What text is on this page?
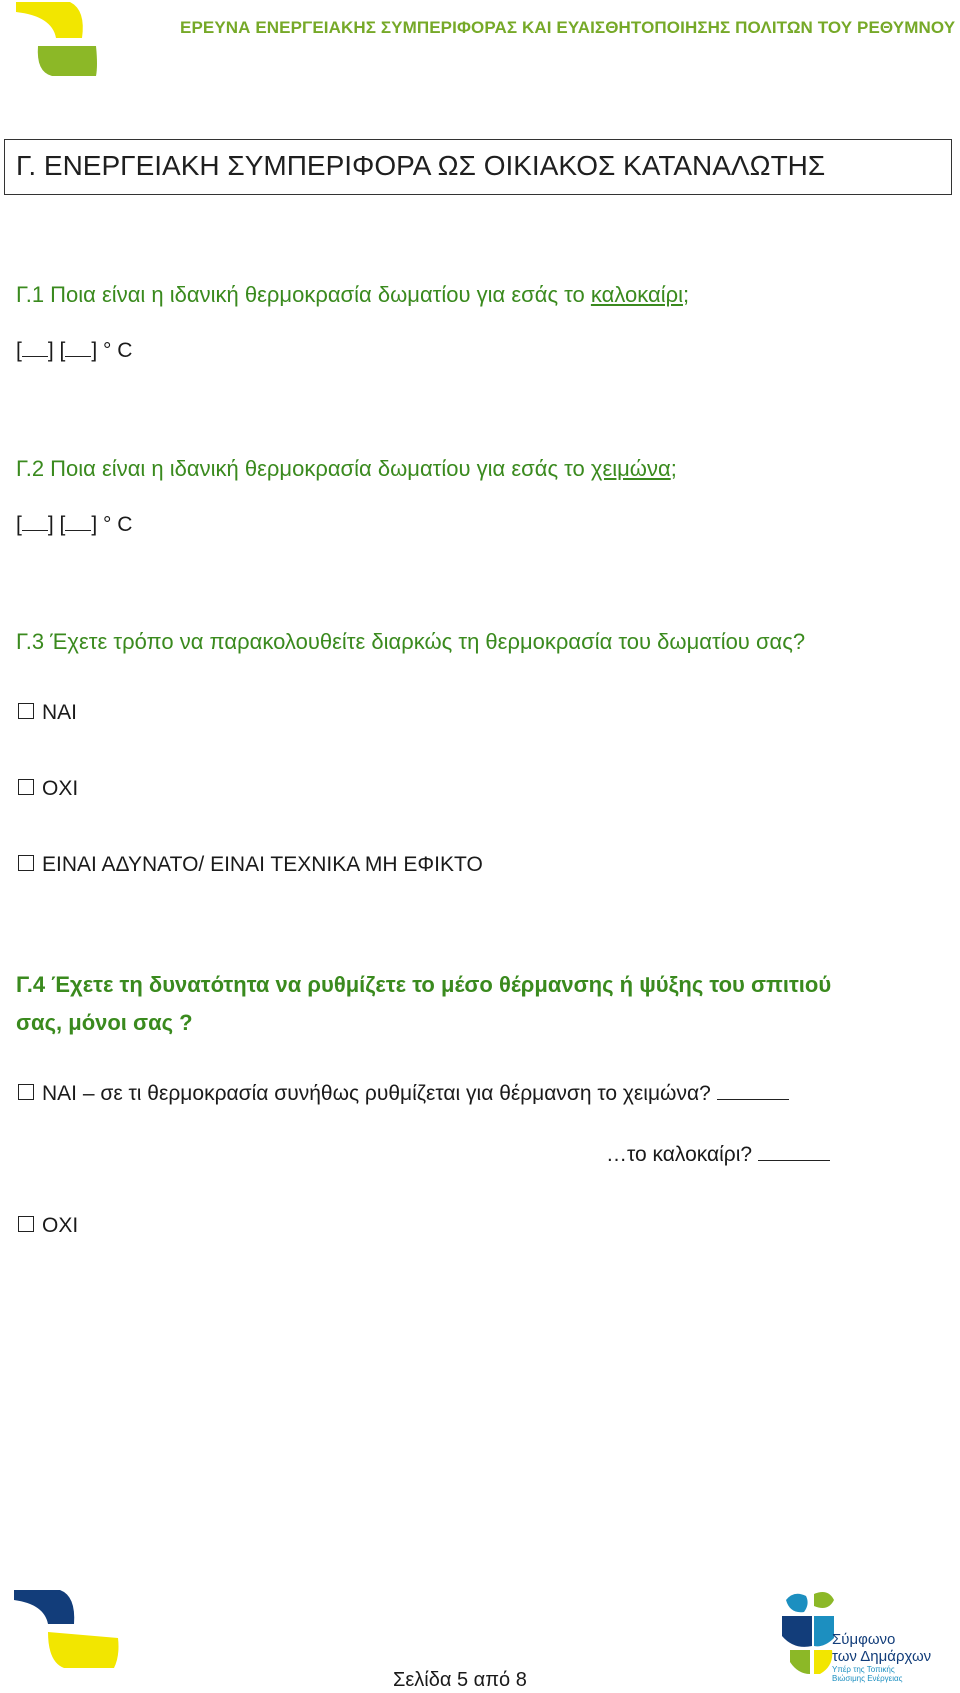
ΕΡΕΥΝΑ ΕΝΕΡΓΕΙΑΚΗΣ ΣΥΜΠΕΡΙΦΟΡΑΣ ΚΑΙ ΕΥΑΙΣΘΗΤΟΠΟΙΗΣΗΣ ΠΟΛΙΤΩΝ ΤΟΥ ΡΕΘΥΜΝΟΥ
Γ. ΕΝΕΡΓΕΙΑΚΗ ΣΥΜΠΕΡΙΦΟΡΑ ΩΣ ΟΙΚΙΑΚΟΣ ΚΑΤΑΝΑΛΩΤΗΣ
Γ.1 Ποια είναι η ιδανική θερμοκρασία δωματίου για εσάς το καλοκαίρι;
[ ] [ ] ° C
Γ.2 Ποια είναι η ιδανική θερμοκρασία δωματίου για εσάς το χειμώνα;
[ ] [ ] ° C
Γ.3 Έχετε τρόπο να παρακολουθείτε διαρκώς τη θερμοκρασία του δωματίου σας?
ΝΑΙ
ΟΧΙ
ΕΙΝΑΙ ΑΔΥΝΑΤΟ/ ΕΙΝΑΙ ΤΕΧΝΙΚΑ ΜΗ ΕΦΙΚΤΟ
Γ.4 Έχετε τη δυνατότητα να ρυθμίζετε το μέσο θέρμανσης ή ψύξης του σπιτιού
σας, μόνοι σας ?
ΝΑΙ – σε τι θερμοκρασία συνήθως ρυθμίζεται για θέρμανση το χειμώνα?
…το καλοκαίρι?
ΟΧΙ
Σύμφωνο
των Δημάρχων
Υπέρ της Τοπικής
Βιώσιμης Ενέργειας
Σελίδα 5 από 8
